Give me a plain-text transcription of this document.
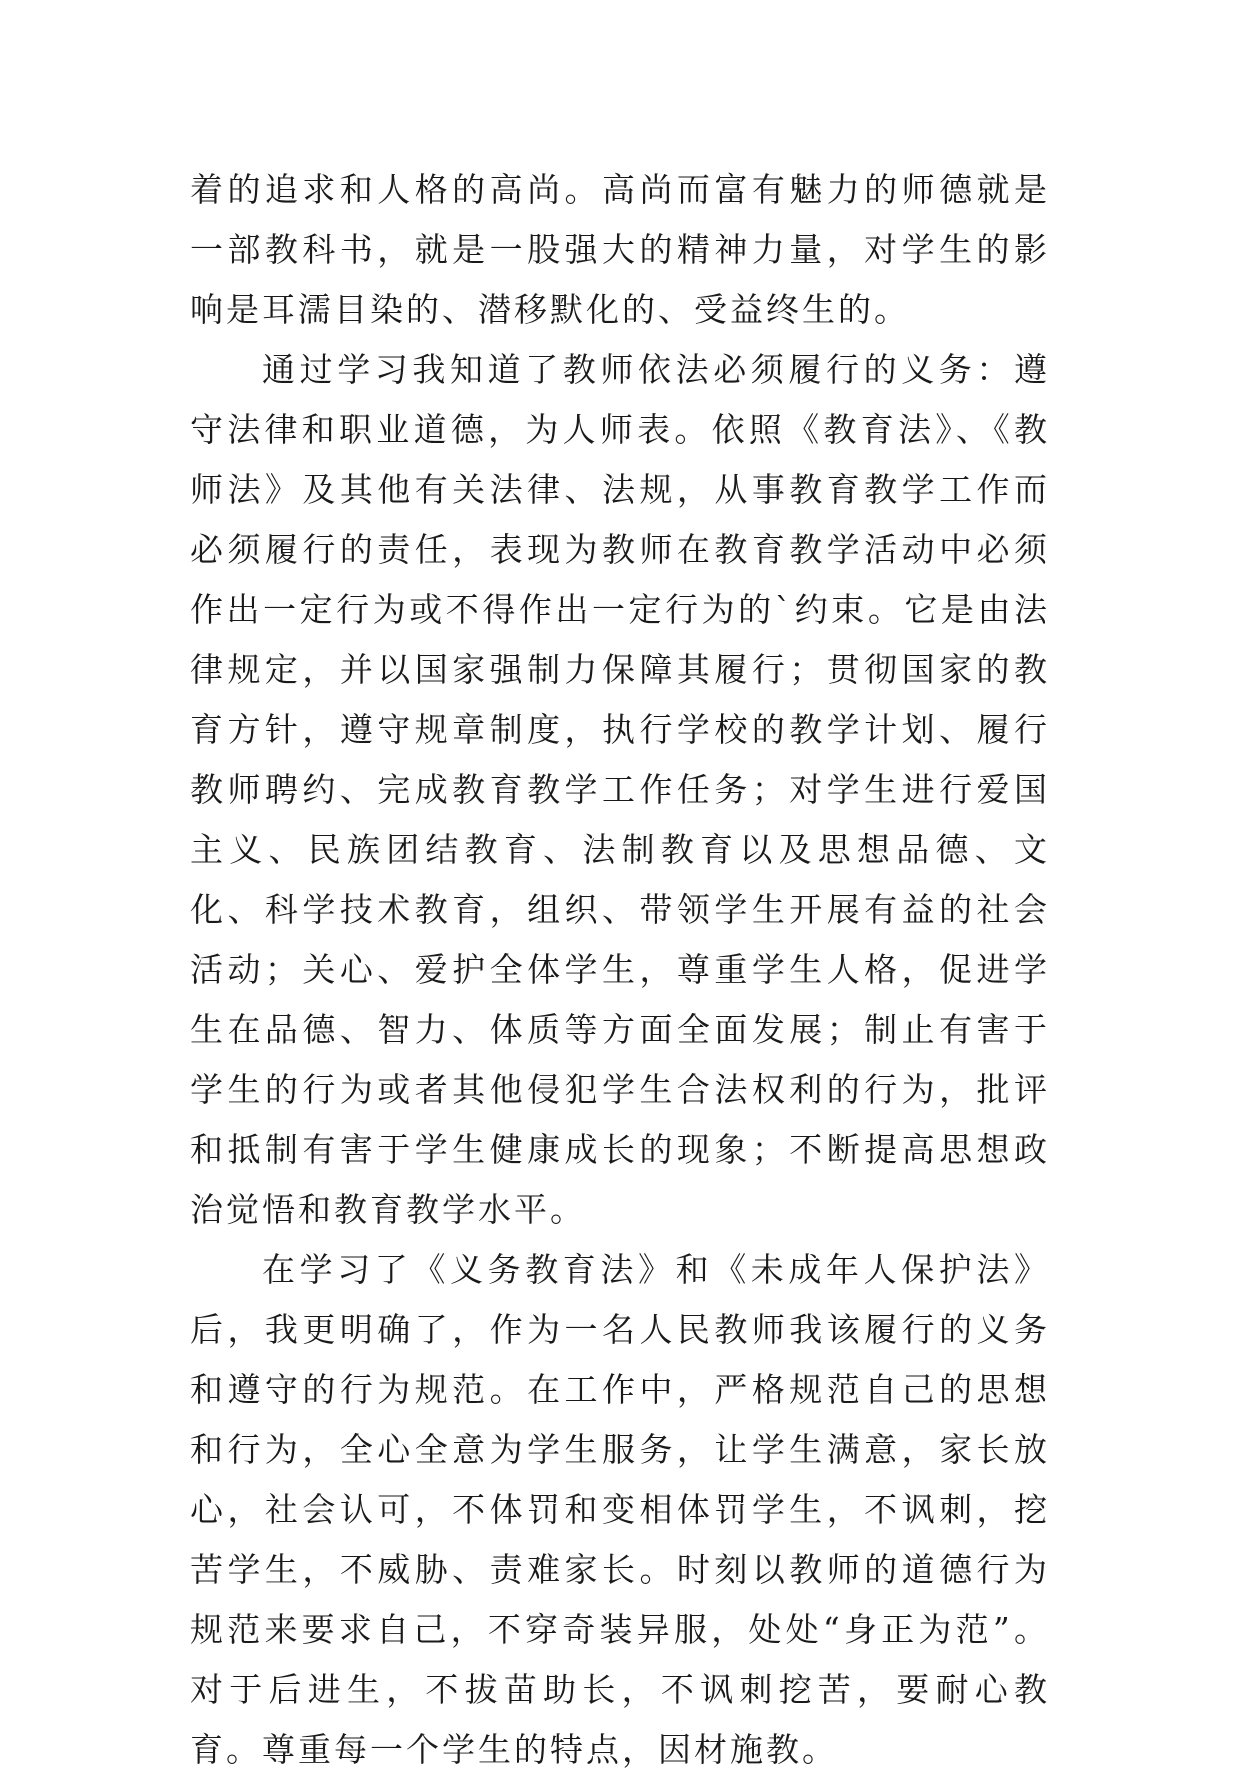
着的追求和人格的高尚。高尚而富有魅力的师德就是一部教科书，就是一股强大的精神力量，对学生的影响是耳濡目染的、潜移默化的、受益终生的。

通过学习我知道了教师依法必须履行的义务：遵守法律和职业道德，为人师表。依照《教育法》、《教师法》及其他有关法律、法规，从事教育教学工作而必须履行的责任，表现为教师在教育教学活动中必须作出一定行为或不得作出一定行为的`约束。它是由法律规定，并以国家强制力保障其履行；贯彻国家的教育方针，遵守规章制度，执行学校的教学计划、履行教师聘约、完成教育教学工作任务；对学生进行爱国主义、民族团结教育、法制教育以及思想品德、文化、科学技术教育，组织、带领学生开展有益的社会活动；关心、爱护全体学生，尊重学生人格，促进学生在品德、智力、体质等方面全面发展；制止有害于学生的行为或者其他侵犯学生合法权利的行为，批评和抵制有害于学生健康成长的现象；不断提高思想政治觉悟和教育教学水平。

在学习了《义务教育法》和《未成年人保护法》后，我更明确了，作为一名人民教师我该履行的义务和遵守的行为规范。在工作中，严格规范自己的思想和行为，全心全意为学生服务，让学生满意，家长放心，社会认可，不体罚和变相体罚学生，不讽刺，挖苦学生，不威胁、责难家长。时刻以教师的道德行为规范来要求自己，不穿奇装异服，处处“身正为范”。对于后进生，不拔苗助长，不讽刺挖苦，要耐心教育。尊重每一个学生的特点，因材施教。
